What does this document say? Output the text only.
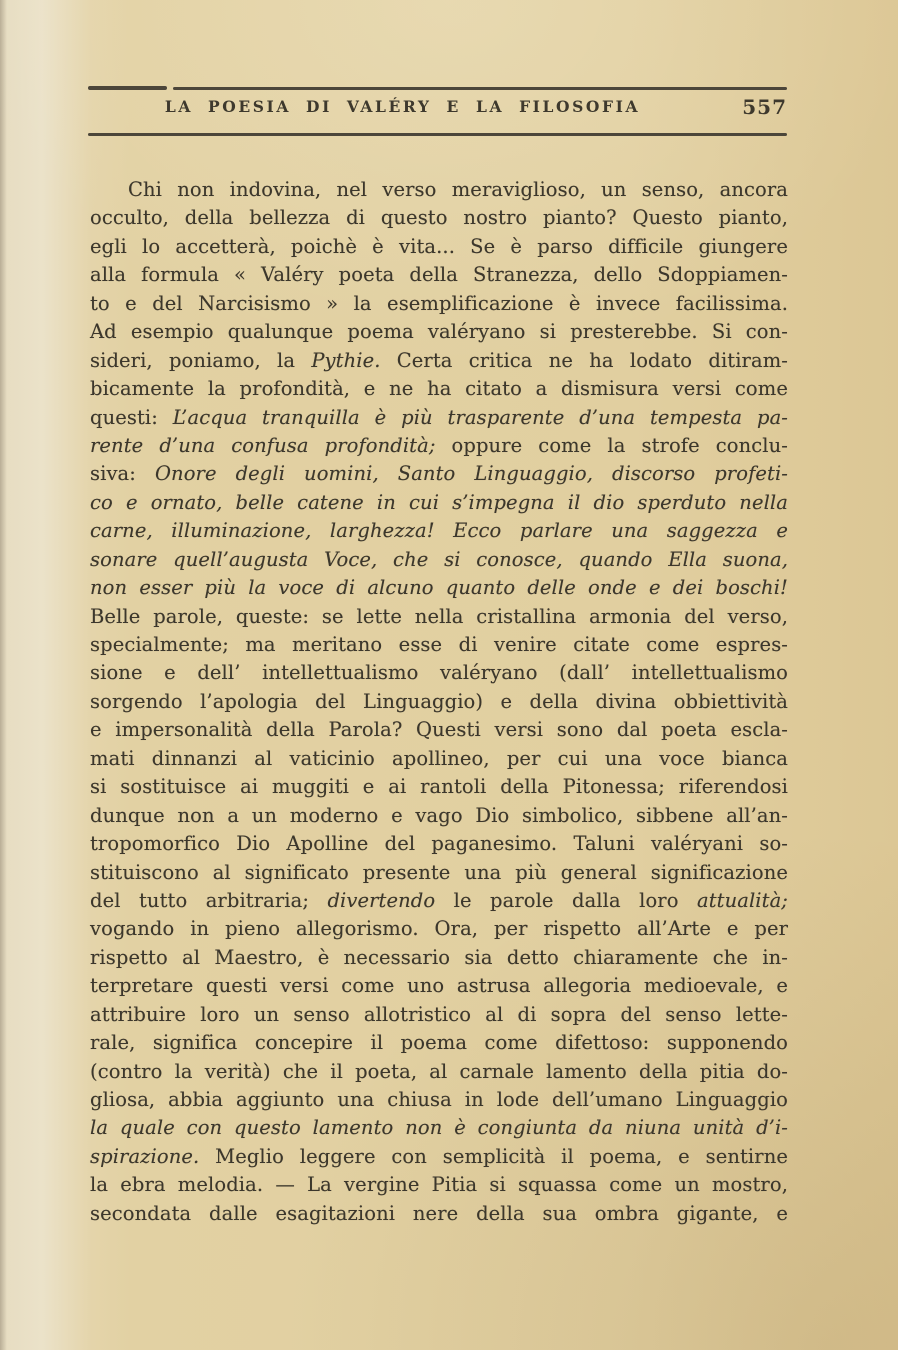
LA POESIA DI VALÉRY E LA FILOSOFIA	557
Chi non indovina, nel verso meraviglioso, un senso, ancora
occulto, della bellezza di questo nostro pianto? Questo pianto,
egli lo accetterà, poichè è vita... Se è parso difficile giungere
alla formula « Valéry poeta della Stranezza, dello Sdoppiamen-
to e del Narcisismo » la esemplificazione è invece facilissima.
Ad esempio qualunque poema valéryano si presterebbe. Si con-
sideri, poniamo, la Pythie. Certa critica ne ha lodato ditiram-
bicamente la profondità, e ne ha citato a dismisura versi come
questi: L’acqua tranquilla è più trasparente d’una tempesta pa-
rente d’una confusa profondità; oppure come la strofe conclu-
siva: Onore degli uomini, Santo Linguaggio, discorso profeti-
co e ornato, belle catene in cui s’impegna il dio sperduto nella
carne, illuminazione, larghezza! Ecco parlare una saggezza e
sonare quell’augusta Voce, che si conosce, quando Ella suona,
non esser più la voce di alcuno quanto delle onde e dei boschi!
Belle parole, queste: se lette nella cristallina armonia del verso,
specialmente; ma meritano esse di venire citate come espres-
sione e dell’ intellettualismo valéryano (dall’ intellettualismo
sorgendo l’apologia del Linguaggio) e della divina obbiettività
e impersonalità della Parola? Questi versi sono dal poeta escla-
mati dinnanzi al vaticinio apollineo, per cui una voce bianca
si sostituisce ai muggiti e ai rantoli della Pitonessa; riferendosi
dunque non a un moderno e vago Dio simbolico, sibbene all’an-
tropomorfico Dio Apolline del paganesimo. Taluni valéryani so-
stituiscono al significato presente una più general significazione
del tutto arbitraria; divertendo le parole dalla loro attualità;
vogando in pieno allegorismo. Ora, per rispetto all’Arte e per
rispetto al Maestro, è necessario sia detto chiaramente che in-
terpretare questi versi come uno astrusa allegoria medioevale, e
attribuire loro un senso allotristico al di sopra del senso lette-
rale, significa concepire il poema come difettoso: supponendo
(contro la verità) che il poeta, al carnale lamento della pitia do-
gliosa, abbia aggiunto una chiusa in lode dell’umano Linguaggio
la quale con questo lamento non è congiunta da niuna unità d’i-
spirazione. Meglio leggere con semplicità il poema, e sentirne
la ebra melodia. — La vergine Pitia si squassa come un mostro,
secondata dalle esagitazioni nere della sua ombra gigante, e
